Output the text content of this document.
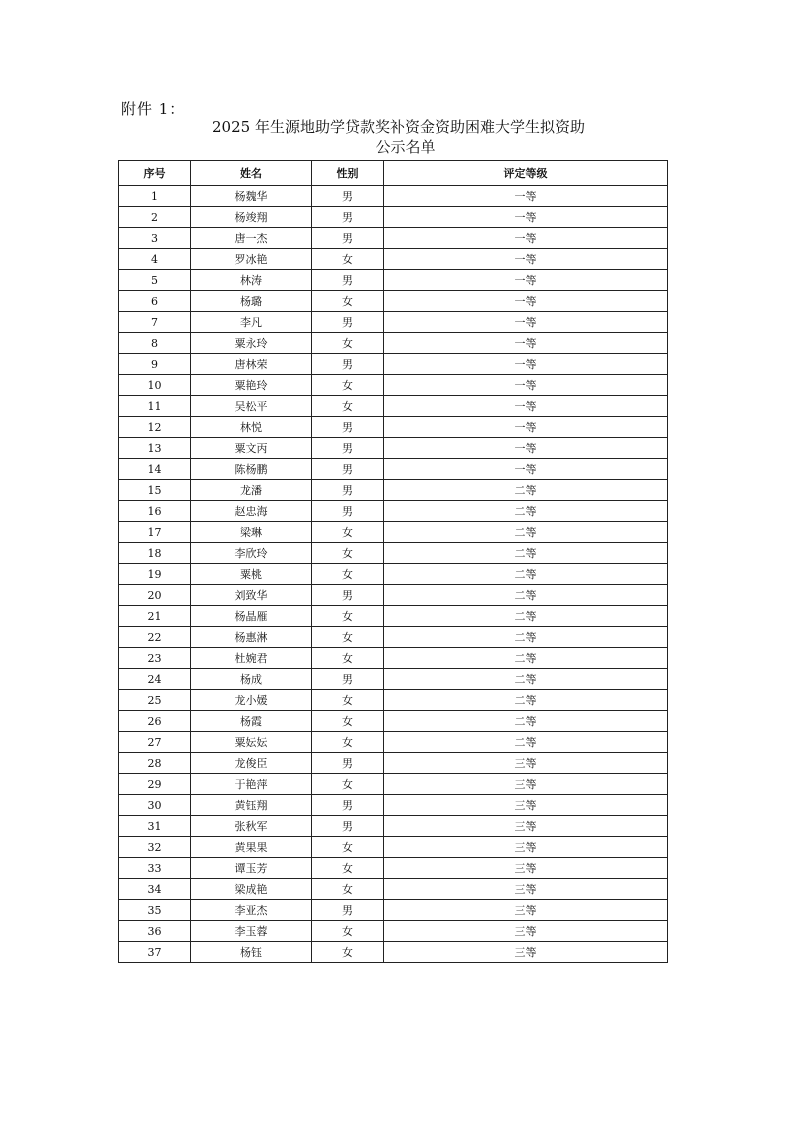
附件 1：
2025 年生源地助学贷款奖补资金资助困难大学生拟资助
公示名单
序号	姓名	性别	评定等级
1	杨魏华	男	一等
2	杨竣翔	男	一等
3	唐一杰	男	一等
4	罗冰艳	女	一等
5	林涛	男	一等
6	杨璐	女	一等
7	李凡	男	一等
8	粟永玲	女	一等
9	唐林荣	男	一等
10	粟艳玲	女	一等
11	吴松平	女	一等
12	林悦	男	一等
13	粟文丙	男	一等
14	陈杨鹏	男	一等
15	龙潘	男	二等
16	赵忠海	男	二等
17	梁琳	女	二等
18	李欣玲	女	二等
19	粟桃	女	二等
20	刘致华	男	二等
21	杨晶雁	女	二等
22	杨惠淋	女	二等
23	杜婉君	女	二等
24	杨成	男	二等
25	龙小媛	女	二等
26	杨霞	女	二等
27	粟妘妘	女	二等
28	龙俊臣	男	三等
29	于艳萍	女	三等
30	黄钰翔	男	三等
31	张秋军	男	三等
32	黄果果	女	三等
33	谭玉芳	女	三等
34	梁成艳	女	三等
35	李亚杰	男	三等
36	李玉蓉	女	三等
37	杨钰	女	三等
